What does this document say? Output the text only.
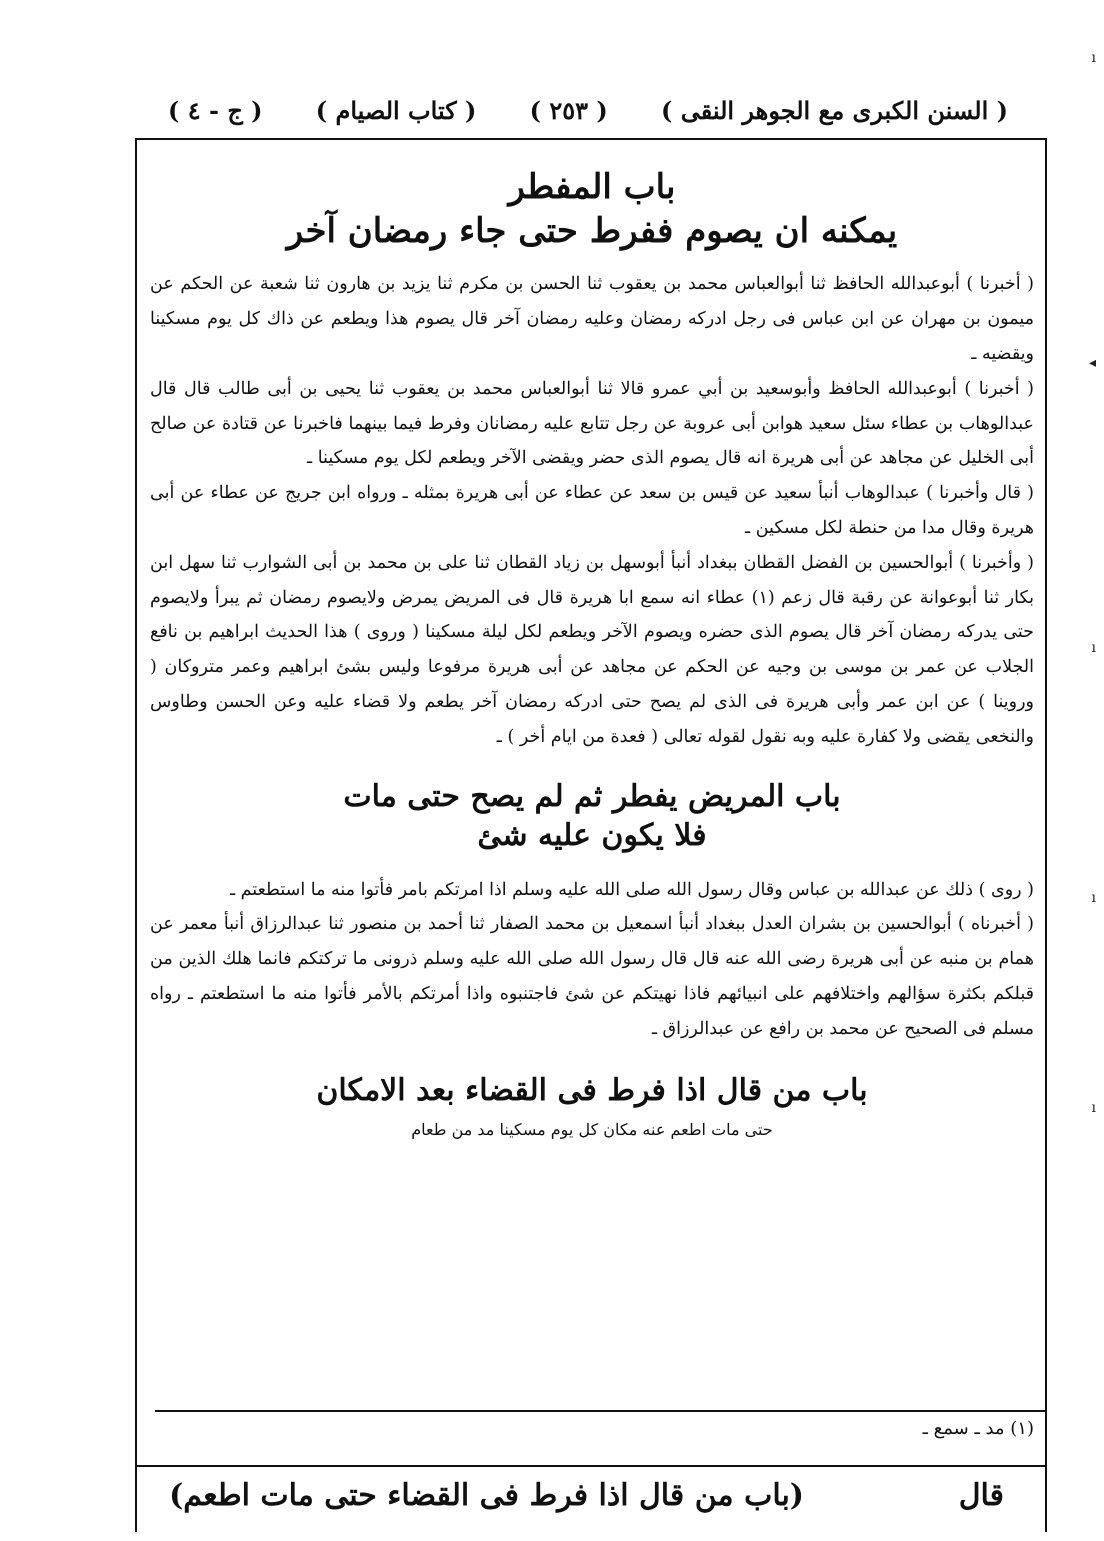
( السنن الكبرى مع الجوهر النقى )
( ٢٥٣ )
( كتاب الصيام )
( ج - ٤ )
ı
◂
ı
ı
ı
باب المفطر
يمكنه ان يصوم ففرط حتى جاء رمضان آخر

( أخبرنا ) أبوعبدالله الحافظ ثنا أبوالعباس محمد بن يعقوب ثنا الحسن بن مكرم ثنا يزيد بن هارون ثنا شعبة عن الحكم عن ميمون بن مهران عن ابن عباس فى رجل ادركه رمضان وعليه رمضان آخر قال يصوم هذا ويطعم عن ذاك كل يوم مسكينا ويقضيه ـ

( أخبرنا ) أبوعبدالله الحافظ وأبوسعيد بن أبي عمرو قالا ثنا أبوالعباس محمد بن يعقوب ثنا يحيى بن أبى طالب قال قال عبدالوهاب بن عطاء سئل سعيد هوابن أبى عروبة عن رجل تتابع عليه رمضانان وفرط فيما بينهما فاخبرنا عن قتادة عن صالح أبى الخليل عن مجاهد عن أبى هريرة انه قال يصوم الذى حضر ويقضى الآخر ويطعم لكل يوم مسكينا ـ

( قال وأخبرنا ) عبدالوهاب أنبأ سعيد عن قيس بن سعد عن عطاء عن أبى هريرة بمثله ـ ورواه ابن جريج عن عطاء عن أبى هريرة وقال مدا من حنطة لكل مسكين ـ

( وأخبرنا ) أبوالحسين بن الفضل القطان ببغداد أنبأ أبوسهل بن زياد القطان ثنا على بن محمد بن أبى الشوارب ثنا سهل ابن بكار ثنا أبوعوانة عن رقبة قال زعم (١) عطاء انه سمع ابا هريرة قال فى المريض يمرض ولايصوم رمضان ثم يبرأ ولايصوم حتى يدركه رمضان آخر قال يصوم الذى حضره ويصوم الآخر ويطعم لكل ليلة مسكينا ( وروى ) هذا الحديث ابراهيم بن نافع الجلاب عن عمر بن موسى بن وجيه عن الحكم عن مجاهد عن أبى هريرة مرفوعا وليس بشئ ابراهيم وعمر متروكان ( وروينا ) عن ابن عمر وأبى هريرة فى الذى لم يصح حتى ادركه رمضان آخر يطعم ولا قضاء عليه وعن الحسن وطاوس والنخعى يقضى ولا كفارة عليه وبه نقول لقوله تعالى ( فعدة من ايام أخر ) ـ

باب المريض يفطر ثم لم يصح حتى مات
فلا يكون عليه شئ

( روى ) ذلك عن عبدالله بن عباس وقال رسول الله صلى الله عليه وسلم اذا امرتكم بامر فأتوا منه ما استطعتم ـ

( أخبرناه ) أبوالحسين بن بشران العدل ببغداد أنبأ اسمعيل بن محمد الصفار ثنا أحمد بن منصور ثنا عبدالرزاق أنبأ معمر عن همام بن منبه عن أبى هريرة رضى الله عنه قال قال رسول الله صلى الله عليه وسلم ذرونى ما تركتكم فانما هلك الذين من قبلكم بكثرة سؤالهم واختلافهم على انبيائهم فاذا نهيتكم عن شئ فاجتنبوه واذا أمرتكم بالأمر فأتوا منه ما استطعتم ـ رواه مسلم فى الصحيح عن محمد بن رافع عن عبدالرزاق ـ

باب من قال اذا فرط فى القضاء بعد الامكان

حتى مات اطعم عنه مكان كل يوم مسكينا مد من طعام

(١) مد ـ سمع ـ
قال
(باب من قال اذا فرط فى القضاء حتى مات اطعم)
